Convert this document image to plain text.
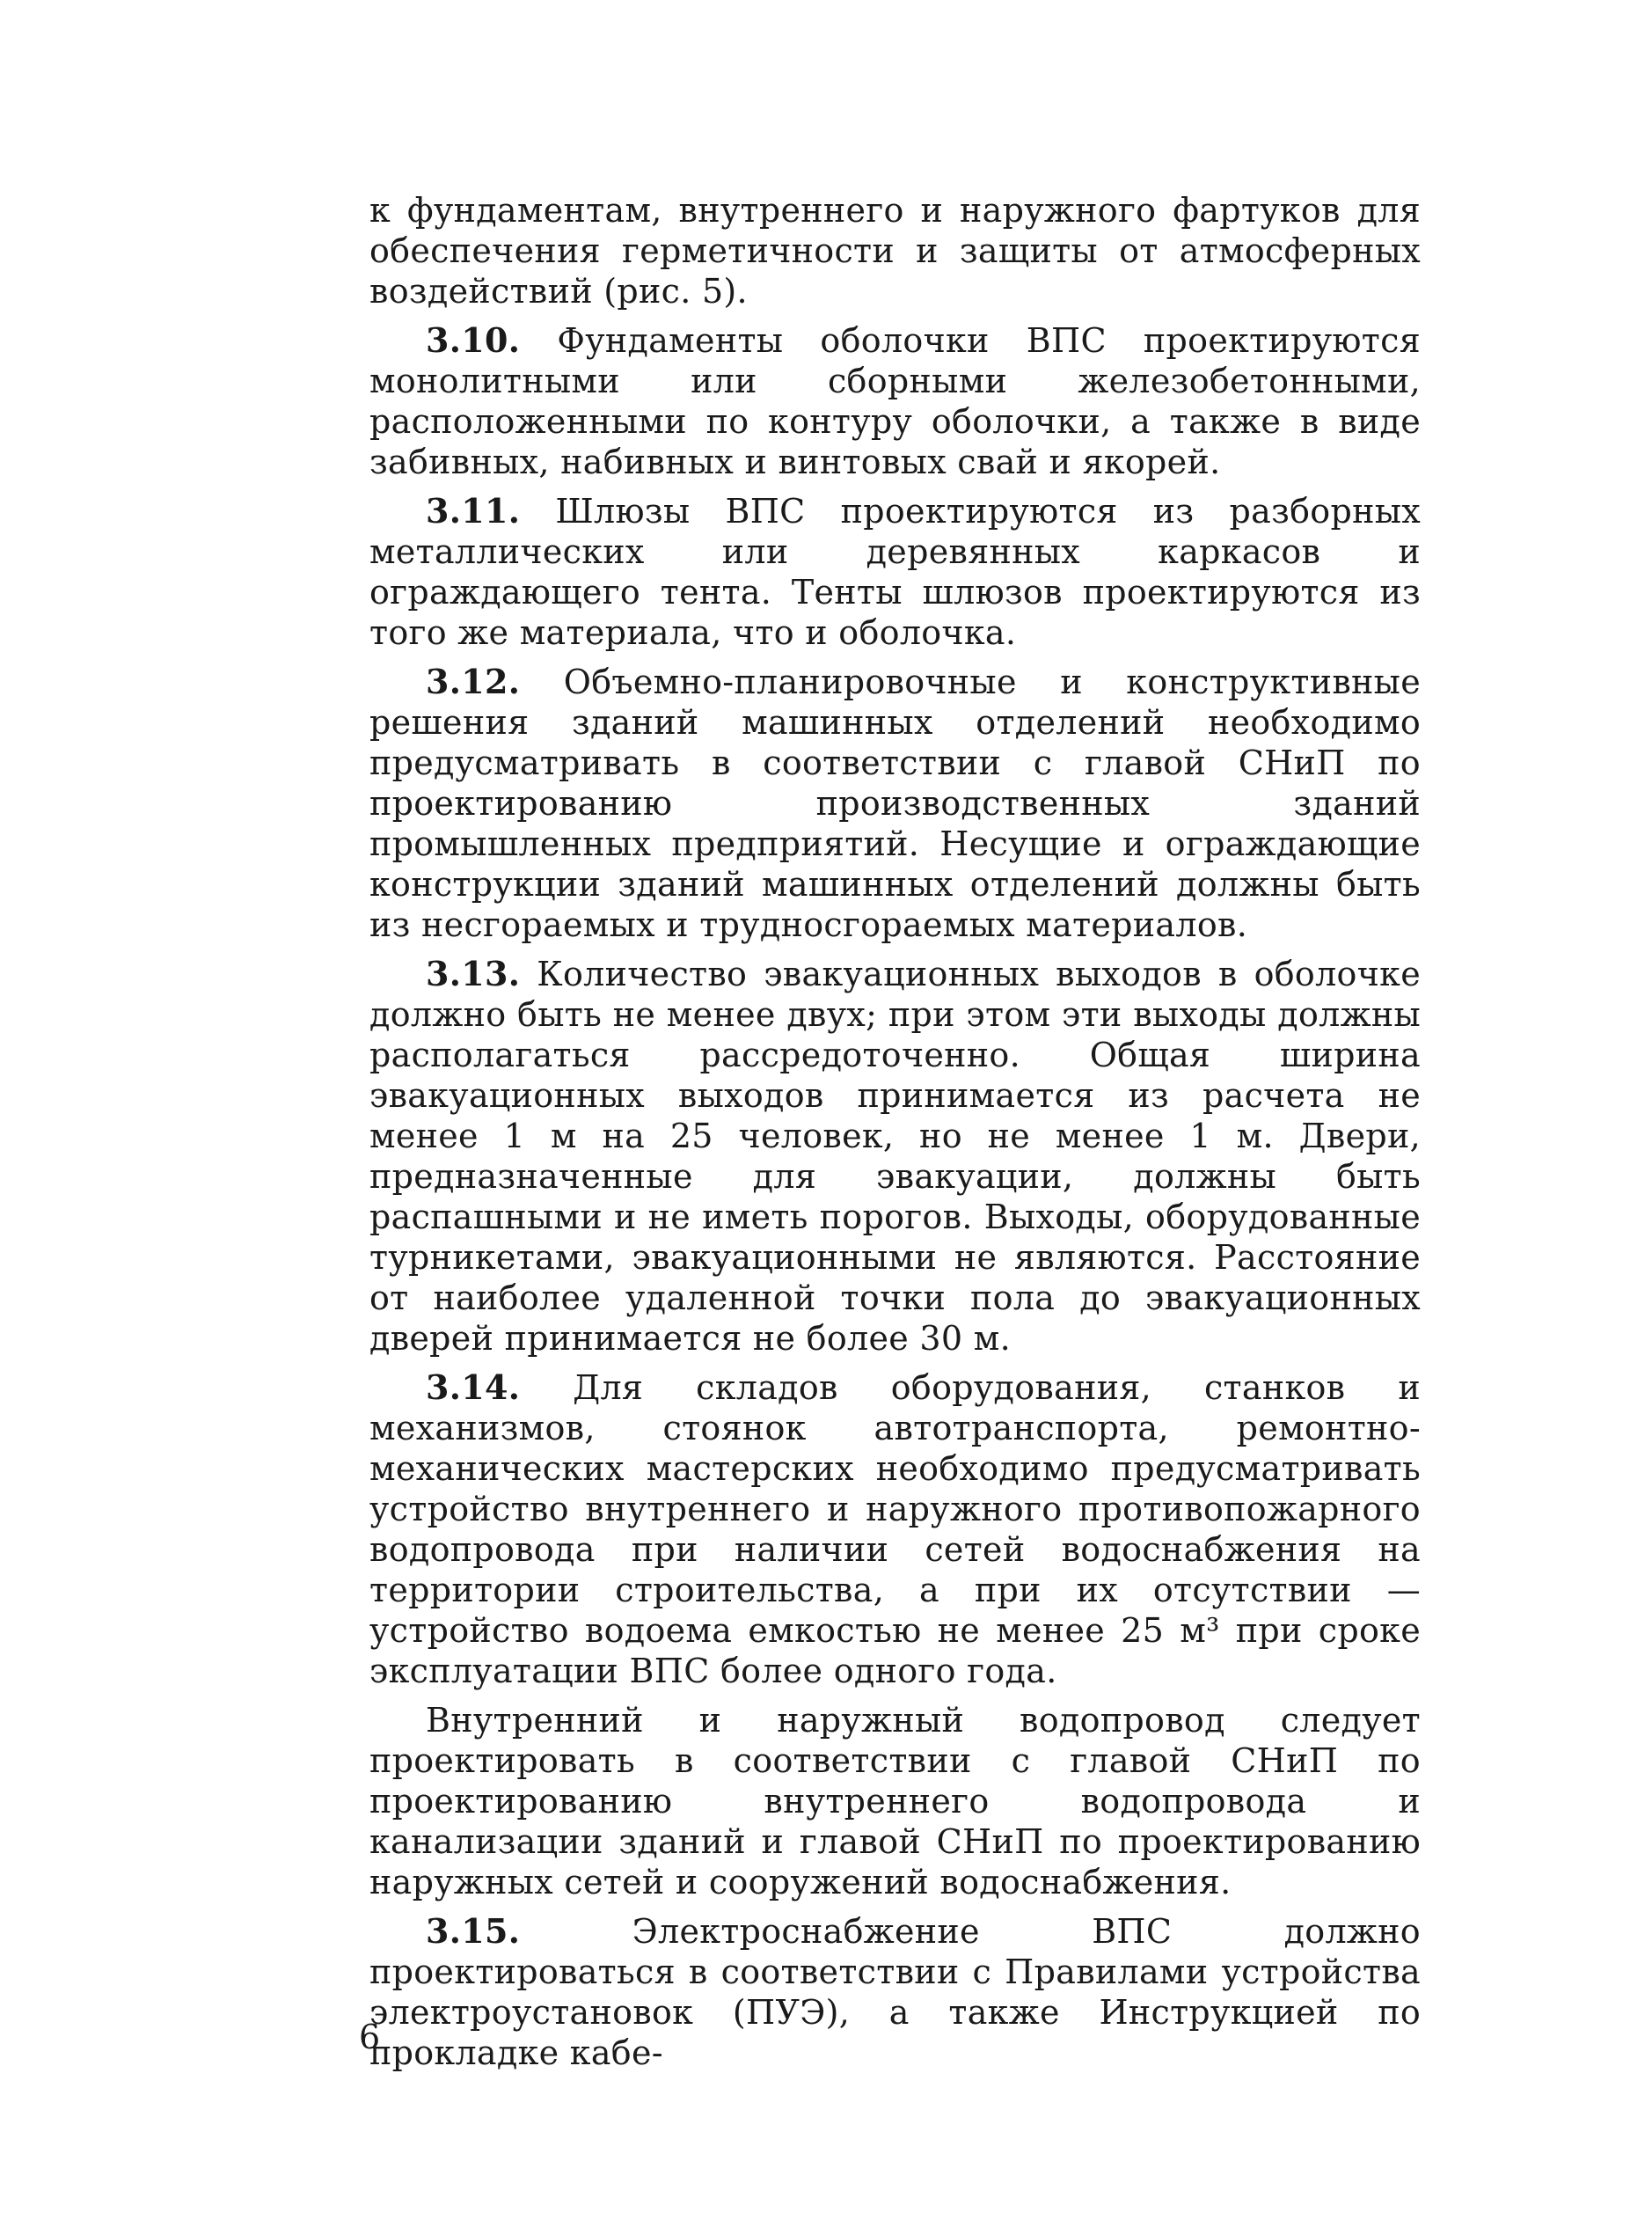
к фундаментам, внутреннего и наружного фартуков для обеспечения герметичности и защиты от атмосферных воздействий (рис. 5).

3.10. Фундаменты оболочки ВПС проектируются монолитными или сборными железобетонными, расположенными по контуру оболочки, а также в виде забивных, набивных и винтовых свай и якорей.

3.11. Шлюзы ВПС проектируются из разборных металлических или деревянных каркасов и ограждающего тента. Тенты шлюзов проектируются из того же материала, что и оболочка.

3.12. Объемно-планировочные и конструктивные решения зданий машинных отделений необходимо предусматривать в соответствии с главой СНиП по проектированию производственных зданий промышленных предприятий. Несущие и ограждающие конструкции зданий машинных отделений должны быть из несгораемых и трудносгораемых материалов.

3.13. Количество эвакуационных выходов в оболочке должно быть не менее двух; при этом эти выходы должны располагаться рассредоточенно. Общая ширина эвакуационных выходов принимается из расчета не менее 1 м на 25 человек, но не менее 1 м. Двери, предназначенные для эвакуации, должны быть распашными и не иметь порогов. Выходы, оборудованные турникетами, эвакуационными не являются. Расстояние от наиболее удаленной точки пола до эвакуационных дверей принимается не более 30 м.

3.14. Для складов оборудования, станков и механизмов, стоянок автотранспорта, ремонтно-механических мастерских необходимо предусматривать устройство внутреннего и наружного противопожарного водопровода при наличии сетей водоснабжения на территории строительства, а при их отсутствии — устройство водоема емкостью не менее 25 м³ при сроке эксплуатации ВПС более одного года.

Внутренний и наружный водопровод следует проектировать в соответствии с главой СНиП по проектированию внутреннего водопровода и канализации зданий и главой СНиП по проектированию наружных сетей и сооружений водоснабжения.

3.15.	Электроснабжение ВПС должно проектироваться в соответствии с Правилами устройства электроустановок (ПУЭ), а также Инструкцией по прокладке кабе-

6
